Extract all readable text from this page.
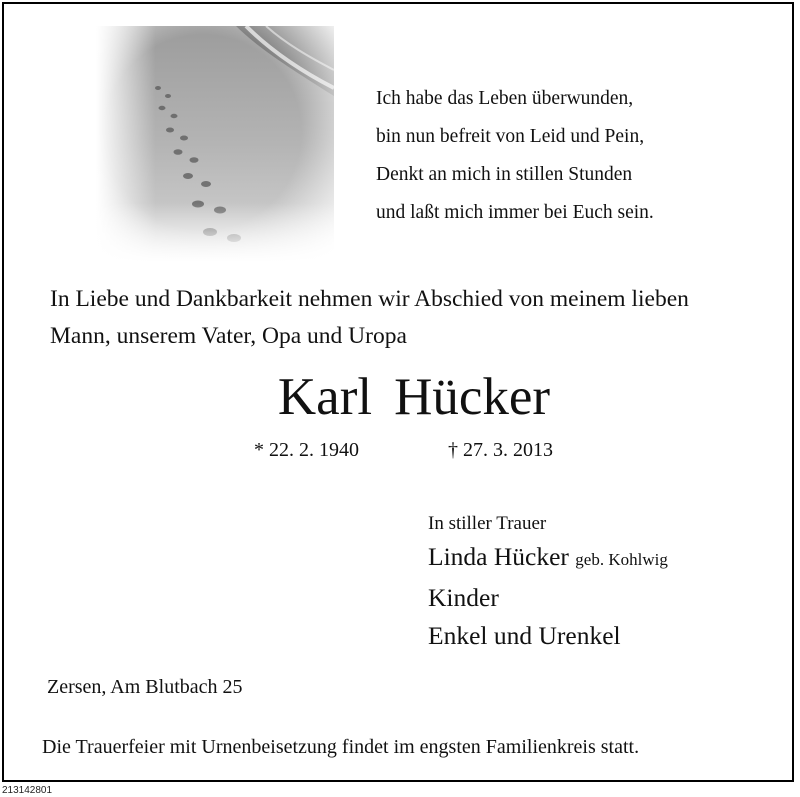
Ich habe das Leben überwunden,
bin nun befreit von Leid und Pein,
Denkt an mich in stillen Stunden
und laßt mich immer bei Euch sein.
In Liebe und Dankbarkeit nehmen wir Abschied von meinem lieben
Mann, unserem Vater, Opa und Uropa
Karl Hücker
* 22. 2. 1940	† 27. 3. 2013
In stiller Trauer
Linda Hücker geb. Kohlwig
Kinder
Enkel und Urenkel
Zersen, Am Blutbach 25
Die Trauerfeier mit Urnenbeisetzung findet im engsten Familienkreis statt.
213142801
